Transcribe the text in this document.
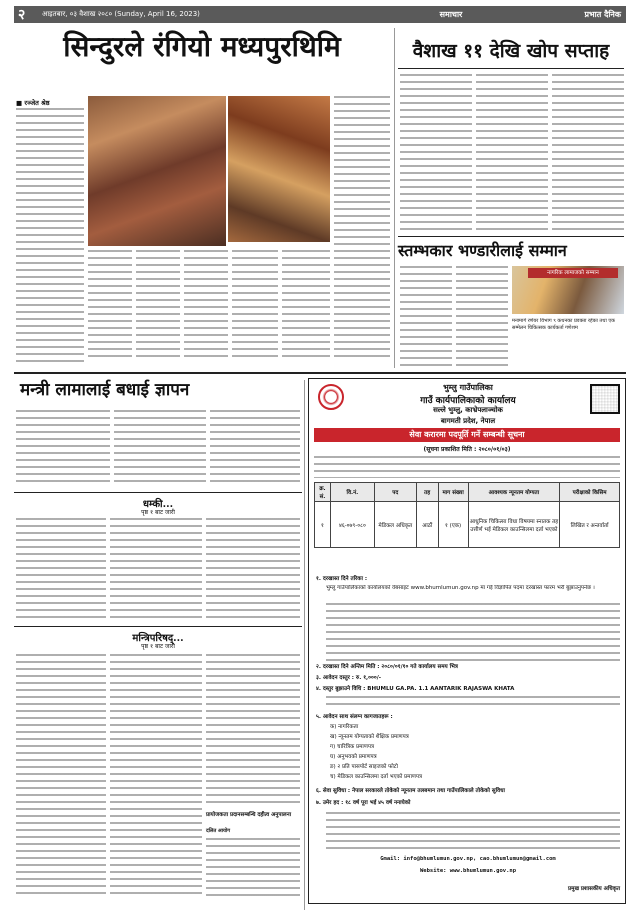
२	आइतबार, ०३ वैशाख २०८० (Sunday, April 16, 2023)	समाचार	प्रभात दैनिक
सिन्दुरले रंगियो मध्यपुरथिमि
■ रञ्जेत श्रेष्ठ
वैशाख ११ देखि खोप सप्ताह
स्तम्भकार भण्डारीलाई सम्मान
नागरिक लामाजको सम्मान
मनामार्ग रणेयर विभाग ९ कथनका प्रवक्ता रहेका तथा एक सम्मेलन चिकित्सक कार्यकर्ता गणेशम
मन्त्री लामालाई बधाई ज्ञापन
धम्की...
पृष्ठ १ बाट जारी
मन्त्रिपरिषद्...
पृष्ठ १ बाट जारी
प्रायोजकता प्रदानसम्बन्धि दहीत्व अनुपालना
दलित आयोग
भुम्लु गाउँपालिका
गाउँ कार्यपालिकाको कार्यालय
सल्ले भुम्लु, काभ्रेपलाञ्चोक
बागमती प्रदेश, नेपाल
सेवा करारमा पदपूर्ति गर्ने सम्बन्धी सूचना
(सूचना प्रकाशित मिति : २०८०/०१/०३)
क्र. सं.	वि.नं.	पद	तह	माग संख्या	आवश्यक न्यूनतम योग्यता	परीक्षाको किसिम
१	४६-०७९-०८०	मेडिकल अधिकृत	आठौं	१ (एक)	आधुनिक चिकित्सा विधा विषयमा स्नातक तह उत्तीर्ण भई मेडिकल काउन्सिलमा दर्ता भएको	लिखित र अन्तर्वार्ता
१. दरखास्त दिने तरिका :
भुम्लु गाउँपालिकाको कार्यालयको वेबसाइट www.bhumlumun.gov.np मा गई विज्ञापित पदमा दरखास्त फारम भरी बुझाउनुपर्नेछ ।
२. दरखास्त दिने अन्तिम मिति : २०८०/०१/१० गते कार्यालय समय भित्र
३. आवेदन दस्तुर : रु. १,०००/-
४. दस्तुर बुझाउने विधि : BHUMLU GA.PA. 1.1 AANTARIK RAJASWA KHATA
५. आवेदन साथ संलग्न कागजातहरू :
क) नागरिकता
ख) न्यूनतम योग्यताको शैक्षिक प्रमाणपत्र
ग) चारित्रिक प्रमाणपत्र
घ) अनुभवको प्रमाणपत्र
ङ) २ प्रति पासपोर्ट साइजको फोटो
च) मेडिकल काउन्सिलमा दर्ता भएको प्रमाणपत्र
६. सेवा सुविधा : नेपाल सरकारले तोकेको न्यूनतम तलबमान तथा गाउँपालिकाले तोकेको सुविधा
७. उमेर हद : १८ वर्ष पूरा भई ४५ वर्ष ननाघेको
Gmail: info@bhumlumun.gov.np, cao.bhumlumun@gmail.com
Website: www.bhumlumun.gov.np
प्रमुख प्रशासकीय अधिकृत
